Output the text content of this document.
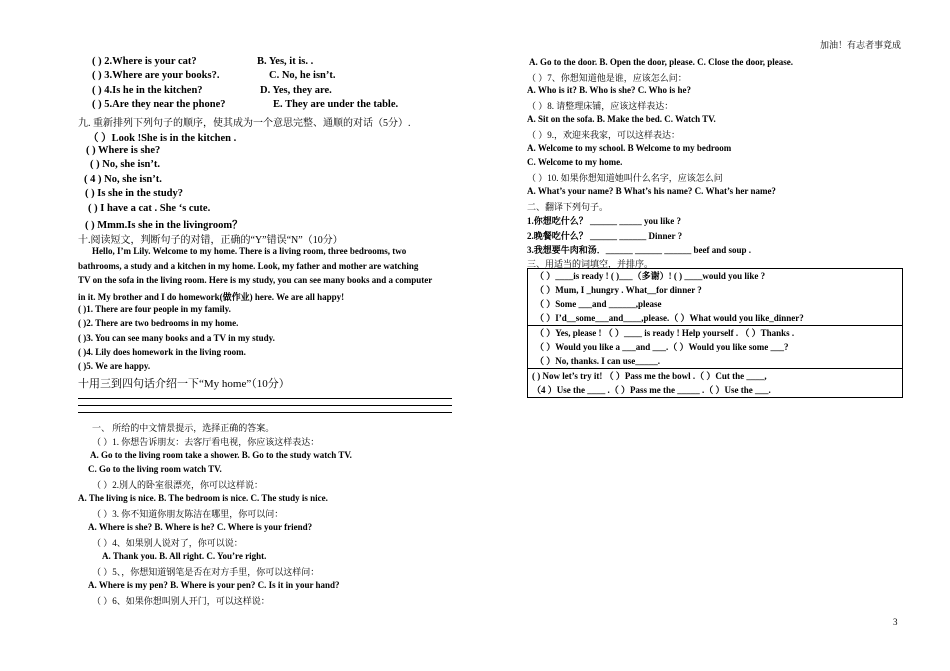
加油！有志者事竟成
3
( ) 2.Where is your cat?	B. Yes, it is. .
( ) 3.Where are your books?.	C. No, he isn’t.
( ) 4.Is he in the kitchen?	D. Yes, they are.
( ) 5.Are they near the phone?	E. They are under the table.
九. 重新排列下列句子的顺序，使其成为一个意思完整、通顺的对话（5分）.
（ ）Look !She is in the kitchen .
( ) Where is she?
( ) No, she isn’t.
( 4 ) No, she isn’t.
( ) Is she in the study?
( ) I have a cat . She ‘s cute.
( ) Mmm.Is she in the livingroom？
十.阅读短文，判断句子的对错，正确的“Y”错误“N”（10分）
Hello, I’m Lily. Welcome to my home. There is a living room, three bedrooms, two
bathrooms, a study and a kitchen in my home. Look, my father and mother are watching
TV on the sofa in the living room. Here is my study, you can see many books and a computer
in it. My brother and I do homework(做作业) here. We are all happy!
( )1. There are four people in my family.
( )2. There are two bedrooms in my home.
( )3. You can see many books and a TV in my study.
( )4. Lily does homework in the living room.
( )5. We are happy.
十用三到四句话介绍一下“My home”（10分）
一、 所给的中文情景提示，选择正确的答案。
（ ）1. 你想告诉朋友：去客厅看电视，你应该这样表达：
A. Go to the living room take a shower. B. Go to the study watch TV.
C. Go to the living room watch TV.
（ ）2.別人的卧室很漂亮，你可以这样说：
A. The living is nice. B. The bedroom is nice. C. The study is nice.
（ ）3. 你不知道你朋友陈洁在哪里，你可以问：
A. Where is she? B. Where is he? C. Where is your friend?
（ ）4、如果别人说对了，你可以说：
A. Thank you. B. All right. C. You’re right.
（ ）5、，你想知道钢笔是否在对方手里，你可以这样问：
A. Where is my pen? B. Where is your pen? C. Is it in your hand?
（ ）6、如果你想叫别人开门，可以这样说：
A. Go to the door. B. Open the door, please. C. Close the door, please.
（ ）7、你想知道他是谁，应该怎么问：
A. Who is it? B. Who is she? C. Who is he?
（ ）8. 请整理床铺，应该这样表达：
A. Sit on the sofa. B. Make the bed. C. Watch TV.
（ ）9.，欢迎来我家，可以这样表达：
A. Welcome to my school. B Welcome to my bedroom
C. Welcome to my home.
（ ）10. 如果你想知道她叫什么名字，应该怎么问
A. What’s your name? B What’s his name? C. What’s her name?
二、翻译下列句子。
1.你想吃什么？ ______ _____ you like ?
2.晚餐吃什么？ ______ ______ Dinner ?
3.我想要牛肉和汤．______ ______ ______ beef and soup .
三、用适当的词填空，并排序。
（ ）____is ready ! ( )___（多谢）! ( ) ____would you like ?
（ ）Mum, I _hungry . What__for dinner ?
（ ）Some ___and ______,please
（ ）I’d__some___and____,please.（ ）What would you like_dinner?
（ ）Yes, please ! （ ）____ is ready ! Help yourself . （ ）Thanks .
（ ）Would you like a ___and ___.（ ）Would you like some ___?
（ ）No, thanks. I can use_____.
( ) Now let’s try it! （ ）Pass me the bowl .（ ）Cut the ____,
（4 ）Use the ____ .（ ）Pass me the _____ .（ ）Use the ___.
